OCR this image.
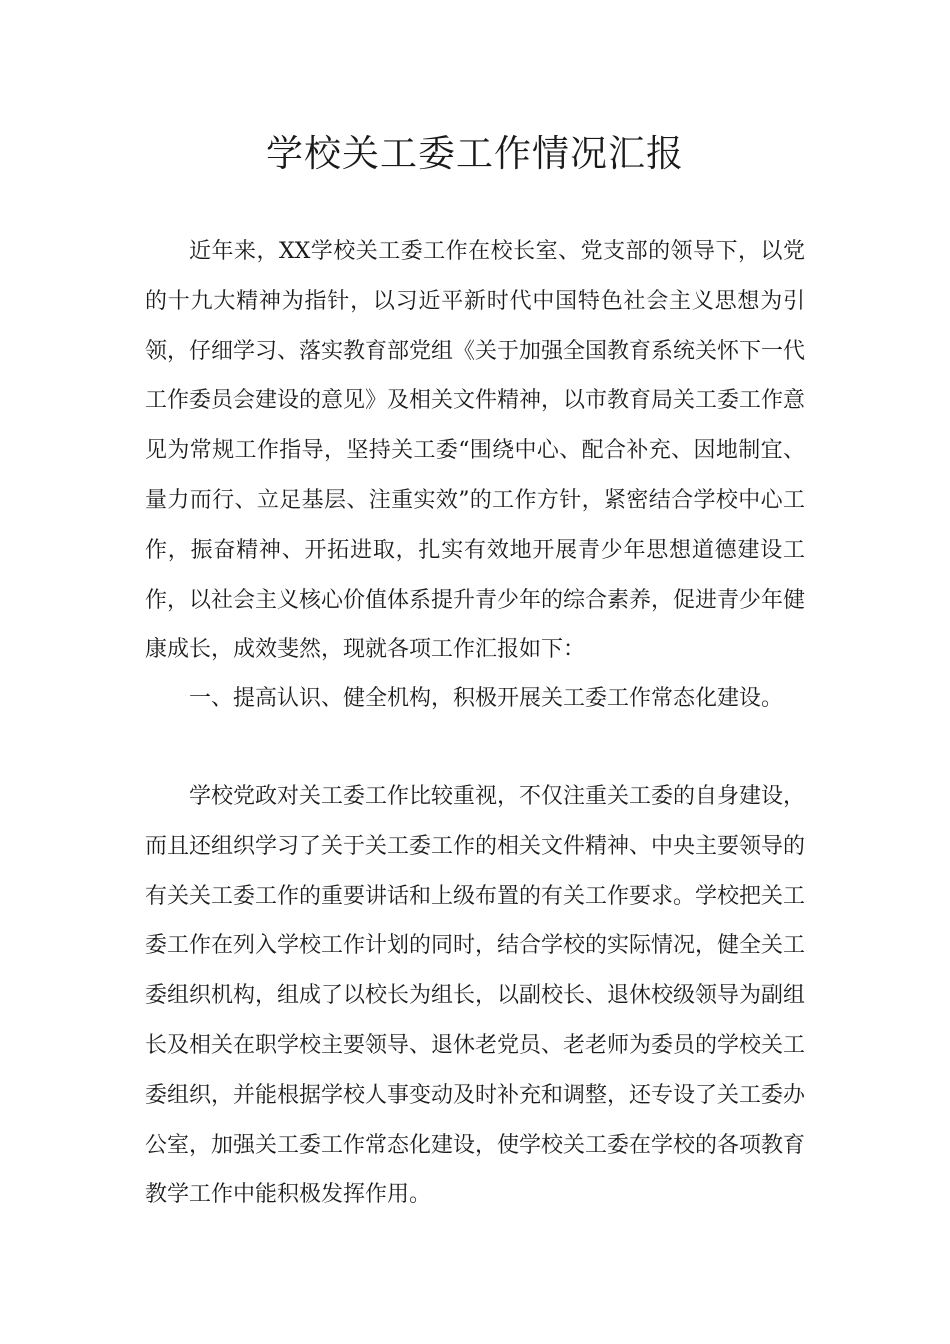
学校关工委工作情况汇报

近年来，XX学校关工委工作在校长室、党支部的领导下，以党的十九大精神为指针，以习近平新时代中国特色社会主义思想为引领，仔细学习、落实教育部党组《关于加强全国教育系统关怀下一代工作委员会建设的意见》及相关文件精神，以市教育局关工委工作意见为常规工作指导，坚持关工委“围绕中心、配合补充、因地制宜、量力而行、立足基层、注重实效”的工作方针，紧密结合学校中心工作，振奋精神、开拓进取，扎实有效地开展青少年思想道德建设工作，以社会主义核心价值体系提升青少年的综合素养，促进青少年健康成长，成效斐然，现就各项工作汇报如下：

一、提高认识、健全机构，积极开展关工委工作常态化建设。

学校党政对关工委工作比较重视，不仅注重关工委的自身建设，而且还组织学习了关于关工委工作的相关文件精神、中央主要领导的有关关工委工作的重要讲话和上级布置的有关工作要求。学校把关工委工作在列入学校工作计划的同时，结合学校的实际情况，健全关工委组织机构，组成了以校长为组长，以副校长、退休校级领导为副组长及相关在职学校主要领导、退休老党员、老老师为委员的学校关工委组织，并能根据学校人事变动及时补充和调整，还专设了关工委办公室，加强关工委工作常态化建设，使学校关工委在学校的各项教育教学工作中能积极发挥作用。
